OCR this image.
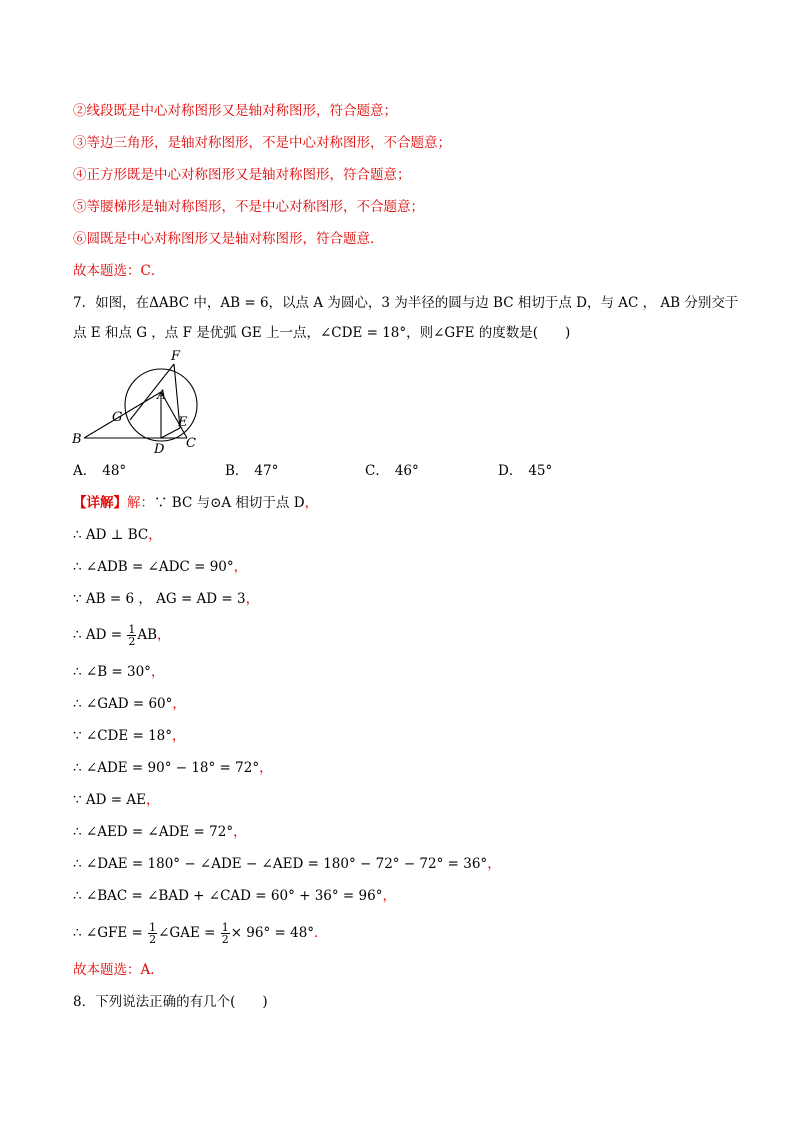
②线段既是中心对称图形又是轴对称图形，符合题意；
③等边三角形，是轴对称图形，不是中心对称图形，不合题意；
④正方形既是中心对称图形又是轴对称图形，符合题意；
⑤等腰梯形是轴对称图形，不是中心对称图形，不合题意；
⑥圆既是中心对称图形又是轴对称图形，符合题意．
故本题选：C．
7．如图，在ΔABC 中，AB = 6，以点 A 为圆心，3 为半径的圆与边 BC 相切于点 D，与 AC ， AB 分别交于
点 E 和点 G ，点 F 是优弧 GE 上一点，∠CDE = 18°，则∠GFE 的度数是(　　)
F
A
G	E
B
D C
A． 48°	B． 47°	C． 46°	D． 45°
【详解】解：∵ BC 与⊙A 相切于点 D，
∴ AD ⊥ BC，
∴ ∠ADB = ∠ADC = 90°，
∵ AB = 6 ， AG = AD = 3，
∴ AD = $\frac{1}{2}$ AB，
∴ ∠B = 30°，
∴ ∠GAD = 60°，
∵ ∠CDE = 18°，
∴ ∠ADE = 90° − 18° = 72°，
∵ AD = AE，
∴ ∠AED = ∠ADE = 72°，
∴ ∠DAE = 180° − ∠ADE − ∠AED = 180° − 72° − 72° = 36°，
∴ ∠BAC = ∠BAD + ∠CAD = 60° + 36° = 96°，
∴ ∠GFE = $\frac{1}{2}$ ∠GAE = $\frac{1}{2} \times 96^\circ = 48^\circ$．
故本题选：A．
8．下列说法正确的有几个(　　)
